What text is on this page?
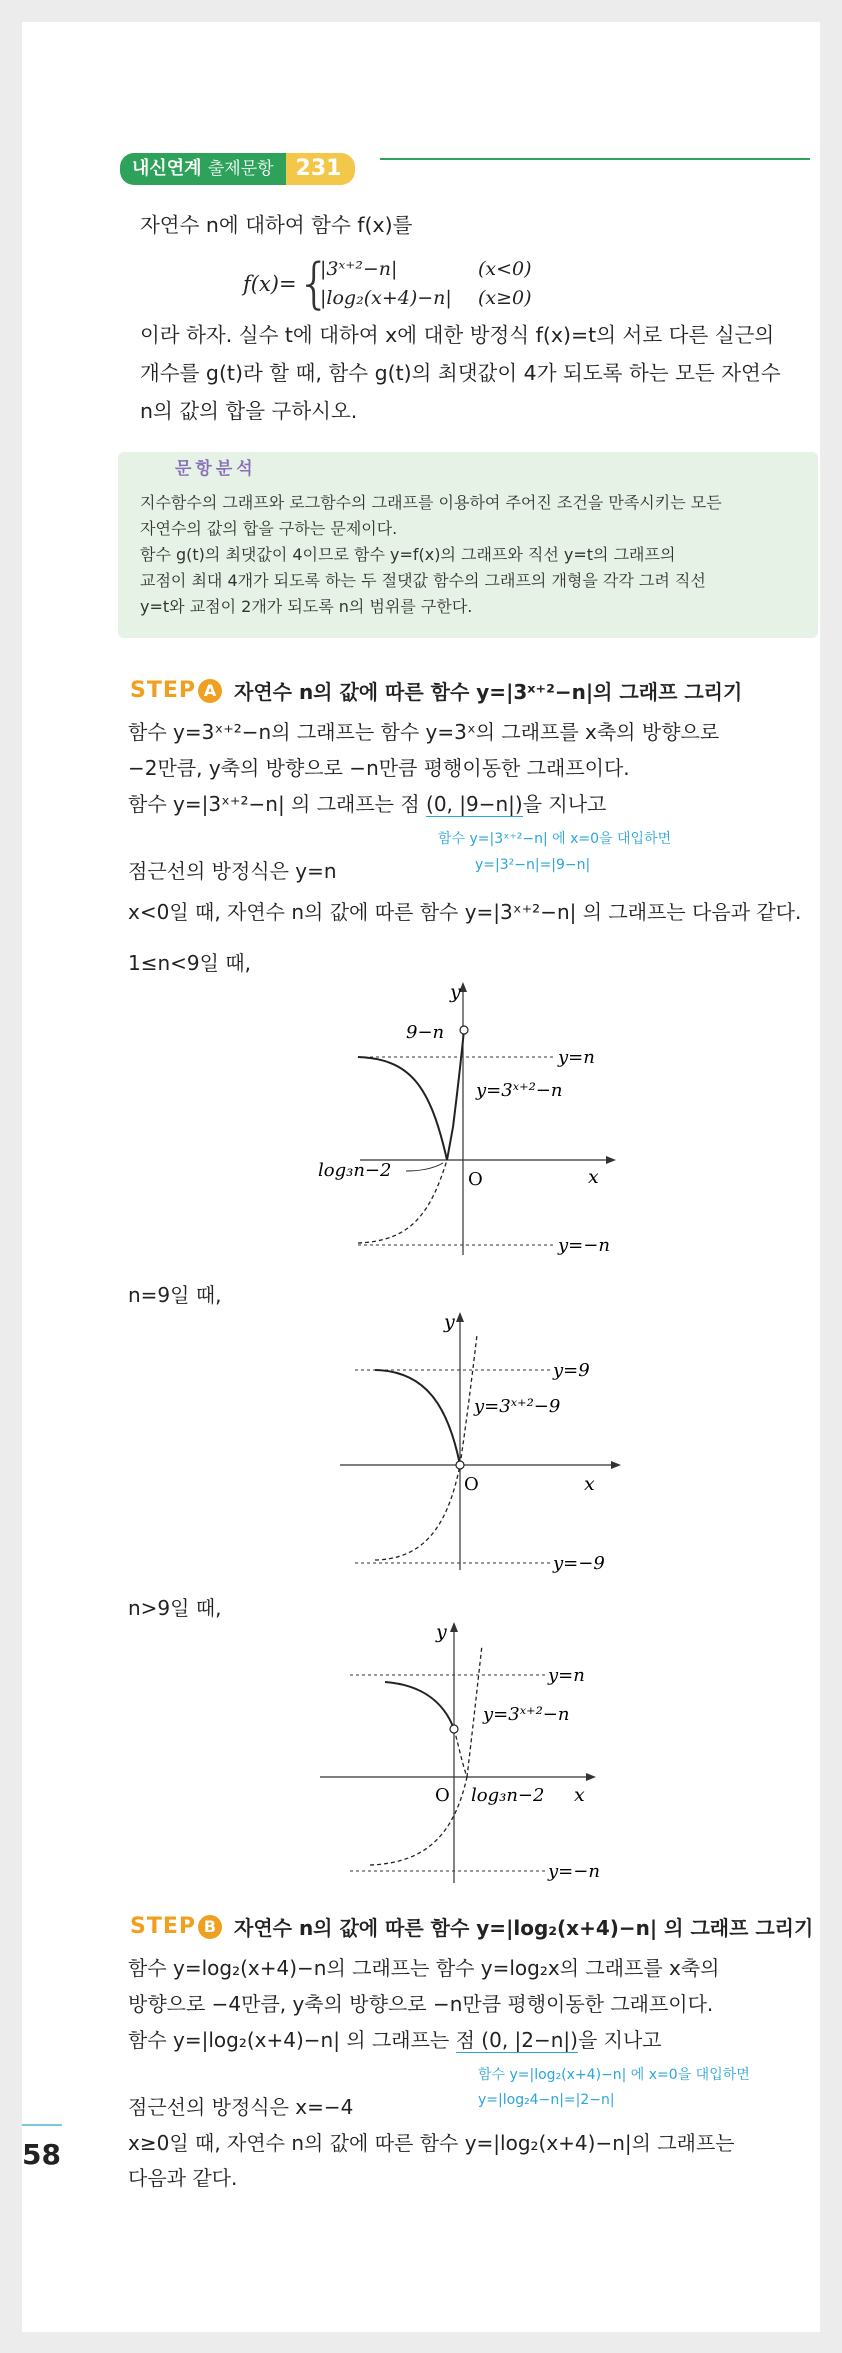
내신연계 출제문항	231
자연수 n에 대하여 함수 f(x)를
f(x)= {
|3ˣ⁺²−n|	(x<0)
|log₂(x+4)−n| (x≥0)
이라 하자. 실수 t에 대하여 x에 대한 방정식 f(x)=t의 서로 다른 실근의
개수를 g(t)라 할 때, 함수 g(t)의 최댓값이 4가 되도록 하는 모든 자연수
n의 값의 합을 구하시오.
문항분석
지수함수의 그래프와 로그함수의 그래프를 이용하여 주어진 조건을 만족시키는 모든
자연수의 값의 합을 구하는 문제이다.
함수 g(t)의 최댓값이 4이므로 함수 y=f(x)의 그래프와 직선 y=t의 그래프의
교점이 최대 4개가 되도록 하는 두 절댓값 함수의 그래프의 개형을 각각 그려 직선
y=t와 교점이 2개가 되도록 n의 범위를 구한다.
STEP A 자연수 n의 값에 따른 함수 y=|3ˣ⁺²−n|의 그래프 그리기
함수 y=3ˣ⁺²−n의 그래프는 함수 y=3ˣ의 그래프를 x축의 방향으로
−2만큼, y축의 방향으로 −n만큼 평행이동한 그래프이다.
함수 y=|3ˣ⁺²−n| 의 그래프는 점 (0, |9−n|)을 지나고
함수 y=|3ˣ⁺²−n| 에 x=0을 대입하면
y=|3²−n|=|9−n|
점근선의 방정식은 y=n
x<0일 때, 자연수 n의 값에 따른 함수 y=|3ˣ⁺²−n| 의 그래프는 다음과 같다.
1≤n<9일 때,
y
x
O
9−n
y=n
y=3ˣ⁺²−n
log₃n−2
y=−n
n=9일 때,
y
x
O
y=9
y=3ˣ⁺²−9
y=−9
n>9일 때,
y
x
O log₃n−2
y=n
y=3ˣ⁺²−n
y=−n
STEP B 자연수 n의 값에 따른 함수 y=|log₂(x+4)−n| 의 그래프 그리기
함수 y=log₂(x+4)−n의 그래프는 함수 y=log₂x의 그래프를 x축의
방향으로 −4만큼, y축의 방향으로 −n만큼 평행이동한 그래프이다.
함수 y=|log₂(x+4)−n| 의 그래프는 점 (0, |2−n|)을 지나고
함수 y=|log₂(x+4)−n| 에 x=0을 대입하면
y=|log₂4−n|=|2−n|
점근선의 방정식은 x=−4
x≥0일 때, 자연수 n의 값에 따른 함수 y=|log₂(x+4)−n|의 그래프는
다음과 같다.
58
